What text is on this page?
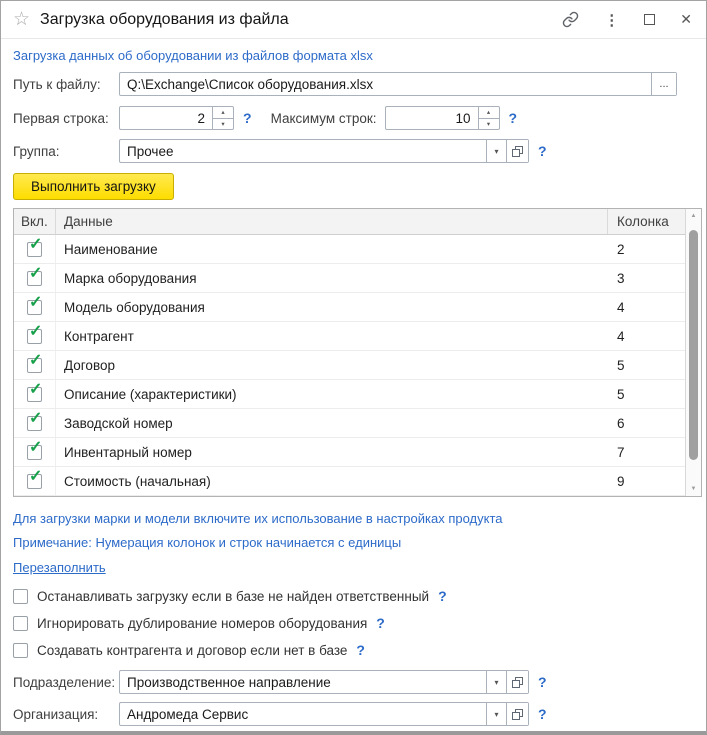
☆ Загрузка оборудования из файла	⋮	✕
Загрузка данных об оборудовании из файлов формата xlsx
Путь к файлу:	Q:\Exchange\Список оборудования.xlsx	...
Первая строка:	2	▴
▾	? Максимум строк:	10	▴
▾	?
Группа:	Прочее	▾	?
Выполнить загрузку
Вкл.	Данные	Колонка
✓	Наименование	2
✓	Марка оборудования	3
✓	Модель оборудования	4
✓	Контрагент	4
✓	Договор	5
✓	Описание (характеристики)	5
✓	Заводской номер	6
✓	Инвентарный номер	7
✓	Стоимость (начальная)	9
▲
▼
Для загрузки марки и модели включите их использование в настройках продукта
Примечание: Нумерация колонок и строк начинается с единицы
Перезаполнить
Останавливать загрузку если в базе не найден ответственный ?
Игнорировать дублирование номеров оборудования ?
Создавать контрагента и договор если нет в базе ?
Подразделение: Производственное направление	▾	?
Организация:	Андромеда Сервис	▾	?
